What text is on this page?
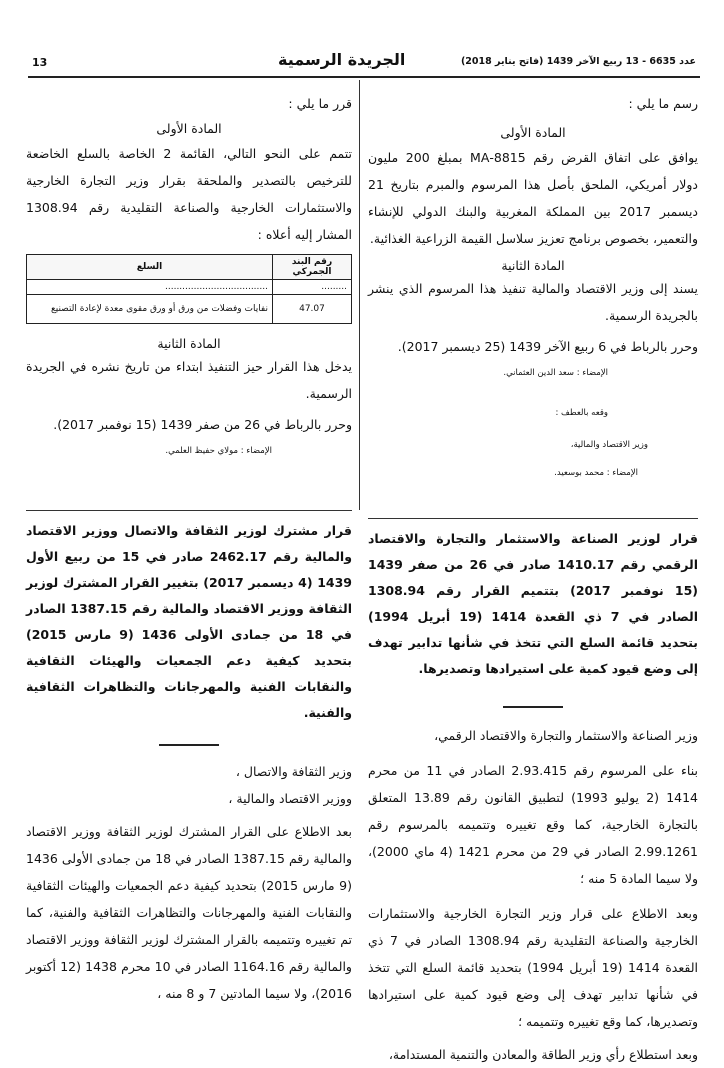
13	الجريدة الرسمية	عدد 6635 - 13 ربيع الآخر 1439 (فاتح يناير 2018)

رسم ما يلي :

المادة الأولى

يوافق على اتفاق القرض رقم 8815-MA بمبلغ 200 مليون دولار أمريكي، الملحق بأصل هذا المرسوم والمبرم بتاريخ 21 ديسمبر 2017 بين المملكة المغربية والبنك الدولي للإنشاء والتعمير، بخصوص برنامج تعزيز سلاسل القيمة الزراعية الغذائية.

المادة الثانية

يسند إلى وزير الاقتصاد والمالية تنفيذ هذا المرسوم الذي ينشر بالجريدة الرسمية.

وحرر بالرباط في 6 ربيع الآخر 1439 (25 ديسمبر 2017).

الإمضاء : سعد الدين العثماني.

وقعه بالعطف :

وزير الاقتصاد والمالية،

الإمضاء : محمد بوسعيد.

قرار لوزير الصناعة والاستثمار والتجارة والاقتصاد الرقمي رقم 1410.17 صادر في 26 من صفر 1439 (15 نوفمبر 2017) بتتميم القرار رقم 1308.94 الصادر في 7 ذي القعدة 1414 (19 أبريل 1994) بتحديد قائمة السلع التي تتخذ في شأنها تدابير تهدف إلى وضع قيود كمية على استيرادها وتصديرها.

وزير الصناعة والاستثمار والتجارة والاقتصاد الرقمي،

بناء على المرسوم رقم 2.93.415 الصادر في 11 من محرم 1414 (2 يوليو 1993) لتطبيق القانون رقم 13.89 المتعلق بالتجارة الخارجية، كما وقع تغييره وتتميمه بالمرسوم رقم 2.99.1261 الصادر في 29 من محرم 1421 (4 ماي 2000)، ولا سيما المادة 5 منه ؛

وبعد الاطلاع على قرار وزير التجارة الخارجية والاستثمارات الخارجية والصناعة التقليدية رقم 1308.94 الصادر في 7 ذي القعدة 1414 (19 أبريل 1994) بتحديد قائمة السلع التي تتخذ في شأنها تدابير تهدف إلى وضع قيود كمية على استيرادها وتصديرها، كما وقع تغييره وتتميمه ؛

وبعد استطلاع رأي وزير الطاقة والمعادن والتنمية المستدامة،

قرر ما يلي :

المادة الأولى

تتمم على النحو التالي، القائمة 2 الخاصة بالسلع الخاضعة للترخيص بالتصدير والملحقة بقرار وزير التجارة الخارجية والاستثمارات الخارجية والصناعة التقليدية رقم 1308.94 المشار إليه أعلاه :

رقم البند الجمركي	السلع
.........	....................................
47.07	نفايات وفضلات من ورق أو ورق مقوى معدة لإعادة التصنيع

المادة الثانية

يدخل هذا القرار حيز التنفيذ ابتداء من تاريخ نشره في الجريدة الرسمية.

وحرر بالرباط في 26 من صفر 1439 (15 نوفمبر 2017).

الإمضاء : مولاي حفيظ العلمي.

قرار مشترك لوزير الثقافة والاتصال ووزير الاقتصاد والمالية رقم 2462.17 صادر في 15 من ربيع الأول 1439 (4 ديسمبر 2017) بتغيير القرار المشترك لوزير الثقافة ووزير الاقتصاد والمالية رقم 1387.15 الصادر في 18 من جمادى الأولى 1436 (9 مارس 2015) بتحديد كيفية دعم الجمعيات والهيئات الثقافية والنقابات الفنية والمهرجانات والتظاهرات الثقافية والفنية.

وزير الثقافة والاتصال ،

ووزير الاقتصاد والمالية ،

بعد الاطلاع على القرار المشترك لوزير الثقافة ووزير الاقتصاد والمالية رقم 1387.15 الصادر في 18 من جمادى الأولى 1436 (9 مارس 2015) بتحديد كيفية دعم الجمعيات والهيئات الثقافية والنقابات الفنية والمهرجانات والتظاهرات الثقافية والفنية، كما تم تغييره وتتميمه بالقرار المشترك لوزير الثقافة ووزير الاقتصاد والمالية رقم 1164.16 الصادر في 10 محرم 1438 (12 أكتوبر 2016)، ولا سيما المادتين 7 و 8 منه ،
